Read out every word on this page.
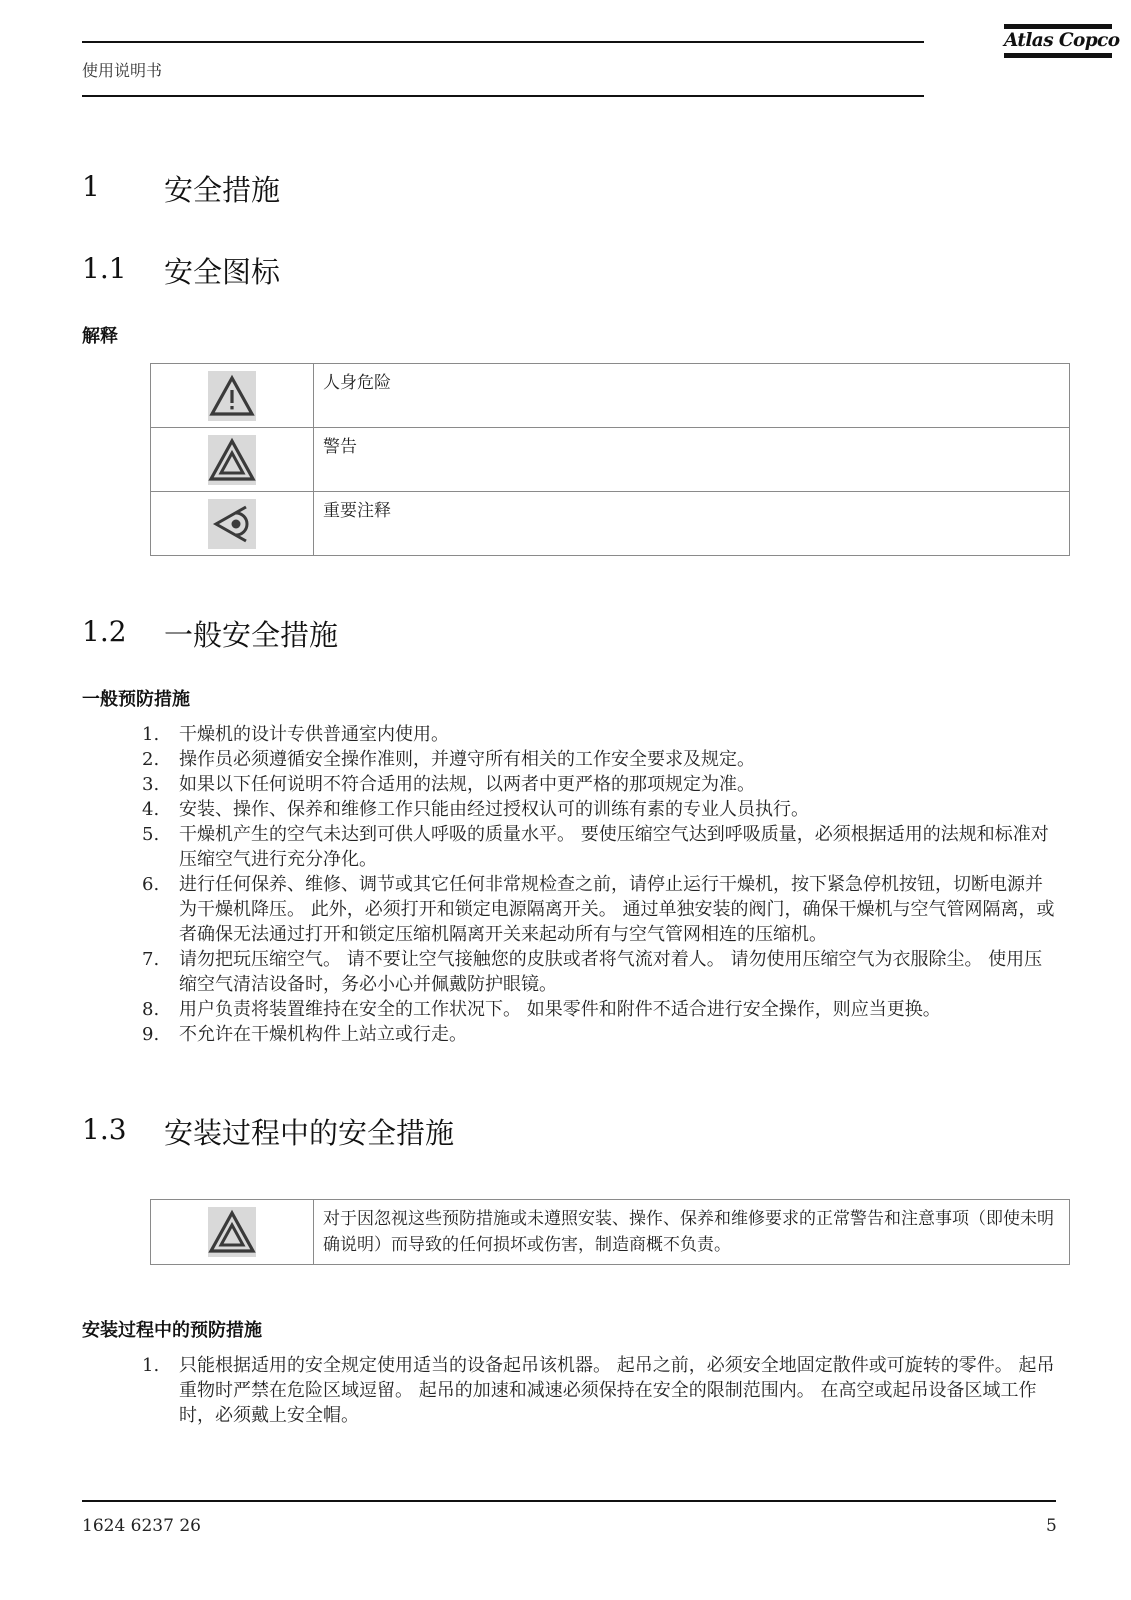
使用说明书
Atlas Copco
1 安全措施
1.1 安全图标
解释
	人身危险

	警告

	重要注释
1.2 一般安全措施
一般预防措施
1. 干燥机的设计专供普通室内使用。
2. 操作员必须遵循安全操作准则，并遵守所有相关的工作安全要求及规定。
3. 如果以下任何说明不符合适用的法规，以两者中更严格的那项规定为准。
4. 安装、操作、保养和维修工作只能由经过授权认可的训练有素的专业人员执行。
5. 干燥机产生的空气未达到可供人呼吸的质量水平。 要使压缩空气达到呼吸质量，必须根据适用的法规和标准对压缩空气进行充分净化。
6. 进行任何保养、维修、调节或其它任何非常规检查之前，请停止运行干燥机，按下紧急停机按钮，切断电源并为干燥机降压。 此外，必须打开和锁定电源隔离开关。 通过单独安装的阀门，确保干燥机与空气管网隔离，或者确保无法通过打开和锁定压缩机隔离开关来起动所有与空气管网相连的压缩机。
7. 请勿把玩压缩空气。 请不要让空气接触您的皮肤或者将气流对着人。 请勿使用压缩空气为衣服除尘。 使用压缩空气清洁设备时，务必小心并佩戴防护眼镜。
8. 用户负责将装置维持在安全的工作状况下。 如果零件和附件不适合进行安全操作，则应当更换。
9. 不允许在干燥机构件上站立或行走。
1.3 安装过程中的安全措施
	对于因忽视这些预防措施或未遵照安装、操作、保养和维修要求的正常警告和注意事项（即使未明确说明）而导致的任何损坏或伤害，制造商概不负责。
安装过程中的预防措施
1. 只能根据适用的安全规定使用适当的设备起吊该机器。 起吊之前，必须安全地固定散件或可旋转的零件。 起吊重物时严禁在危险区域逗留。 起吊的加速和减速必须保持在安全的限制范围内。 在高空或起吊设备区域工作时，必须戴上安全帽。
1624 6237 26	5
